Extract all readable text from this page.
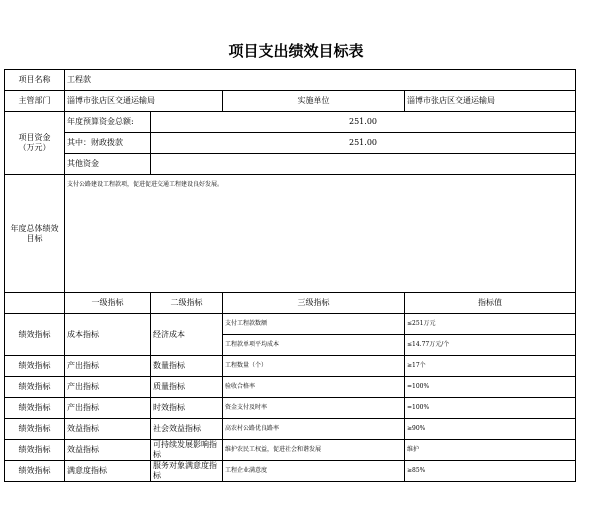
项目支出绩效目标表
项目名称	工程款			
主管部门	淄博市张店区交通运输局		实施单位	淄博市张店区交通运输局
项目资金
（万元）	年度预算资金总额:	251.00		
	其中：财政拨款	251.00		
	其他资金			
年度总体绩效目标	支付公路建设工程款项，促进促进交通工程建设良好发展。			
	一级指标	二级指标	三级指标	指标值
绩效指标	成本指标	经济成本	支付工程款数额	≤251万元
			工程款单项平均成本	≤14.77万元/个
绩效指标	产出指标	数量指标	工程数量（个）	≥17个
绩效指标	产出指标	质量指标	验收合格率	=100%
绩效指标	产出指标	时效指标	资金支付及时率	=100%
绩效指标	效益指标	社会效益指标	高农村公路优良路率	≥90%
绩效指标	效益指标	可持续发展影响指标	维护农民工权益，促进社会和谐发展	维护
绩效指标	满意度指标	服务对象满意度指标	工程企业满意度	≥85%
